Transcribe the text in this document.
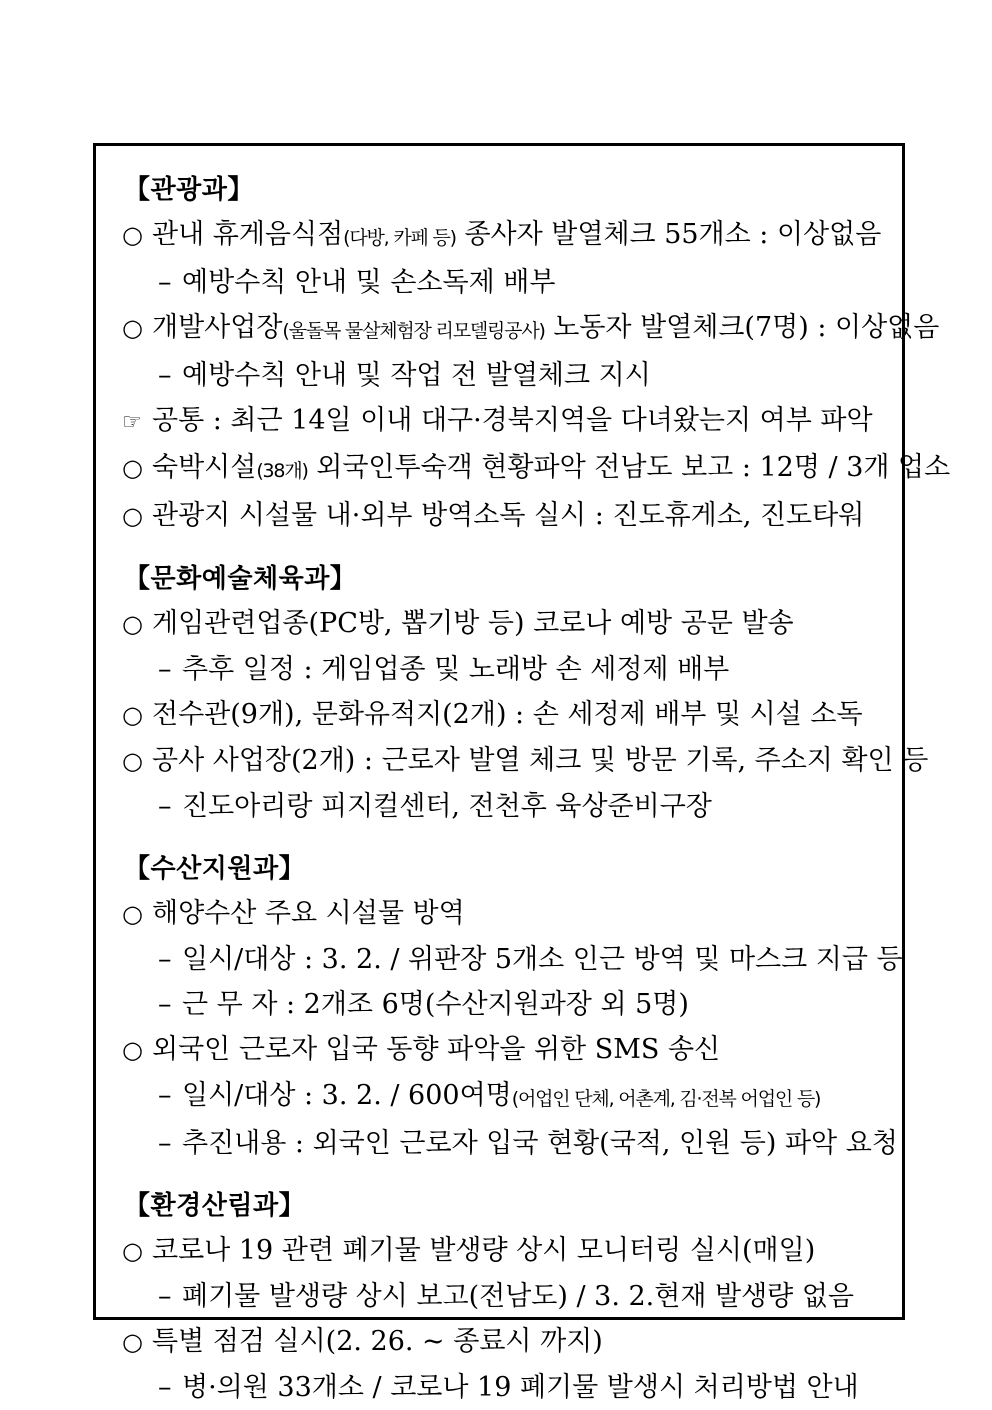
【관광과】
○ 관내 휴게음식점(다방, 카페 등) 종사자 발열체크 55개소 : 이상없음
– 예방수칙 안내 및 손소독제 배부
○ 개발사업장(울돌목 물살체험장 리모델링공사) 노동자 발열체크(7명) : 이상없음
– 예방수칙 안내 및 작업 전 발열체크 지시
☞ 공통 : 최근 14일 이내 대구·경북지역을 다녀왔는지 여부 파악
○ 숙박시설(38개) 외국인투숙객 현황파악 전남도 보고 : 12명 / 3개 업소
○ 관광지 시설물 내·외부 방역소독 실시 : 진도휴게소, 진도타워
【문화예술체육과】
○ 게임관련업종(PC방, 뽑기방 등) 코로나 예방 공문 발송
– 추후 일정 : 게임업종 및 노래방 손 세정제 배부
○ 전수관(9개), 문화유적지(2개) : 손 세정제 배부 및 시설 소독
○ 공사 사업장(2개) : 근로자 발열 체크 및 방문 기록, 주소지 확인 등
– 진도아리랑 피지컬센터, 전천후 육상준비구장
【수산지원과】
○ 해양수산 주요 시설물 방역
– 일시/대상 : 3. 2. / 위판장 5개소 인근 방역 및 마스크 지급 등
– 근 무 자 : 2개조 6명(수산지원과장 외 5명)
○ 외국인 근로자 입국 동향 파악을 위한 SMS 송신
– 일시/대상 : 3. 2. / 600여명(어업인 단체, 어촌계, 김·전복 어업인 등)
– 추진내용 : 외국인 근로자 입국 현황(국적, 인원 등) 파악 요청
【환경산림과】
○ 코로나 19 관련 폐기물 발생량 상시 모니터링 실시(매일)
– 폐기물 발생량 상시 보고(전남도) / 3. 2.현재 발생량 없음
○ 특별 점검 실시(2. 26. ~ 종료시 까지)
– 병·의원 33개소 / 코로나 19 폐기물 발생시 처리방법 안내
